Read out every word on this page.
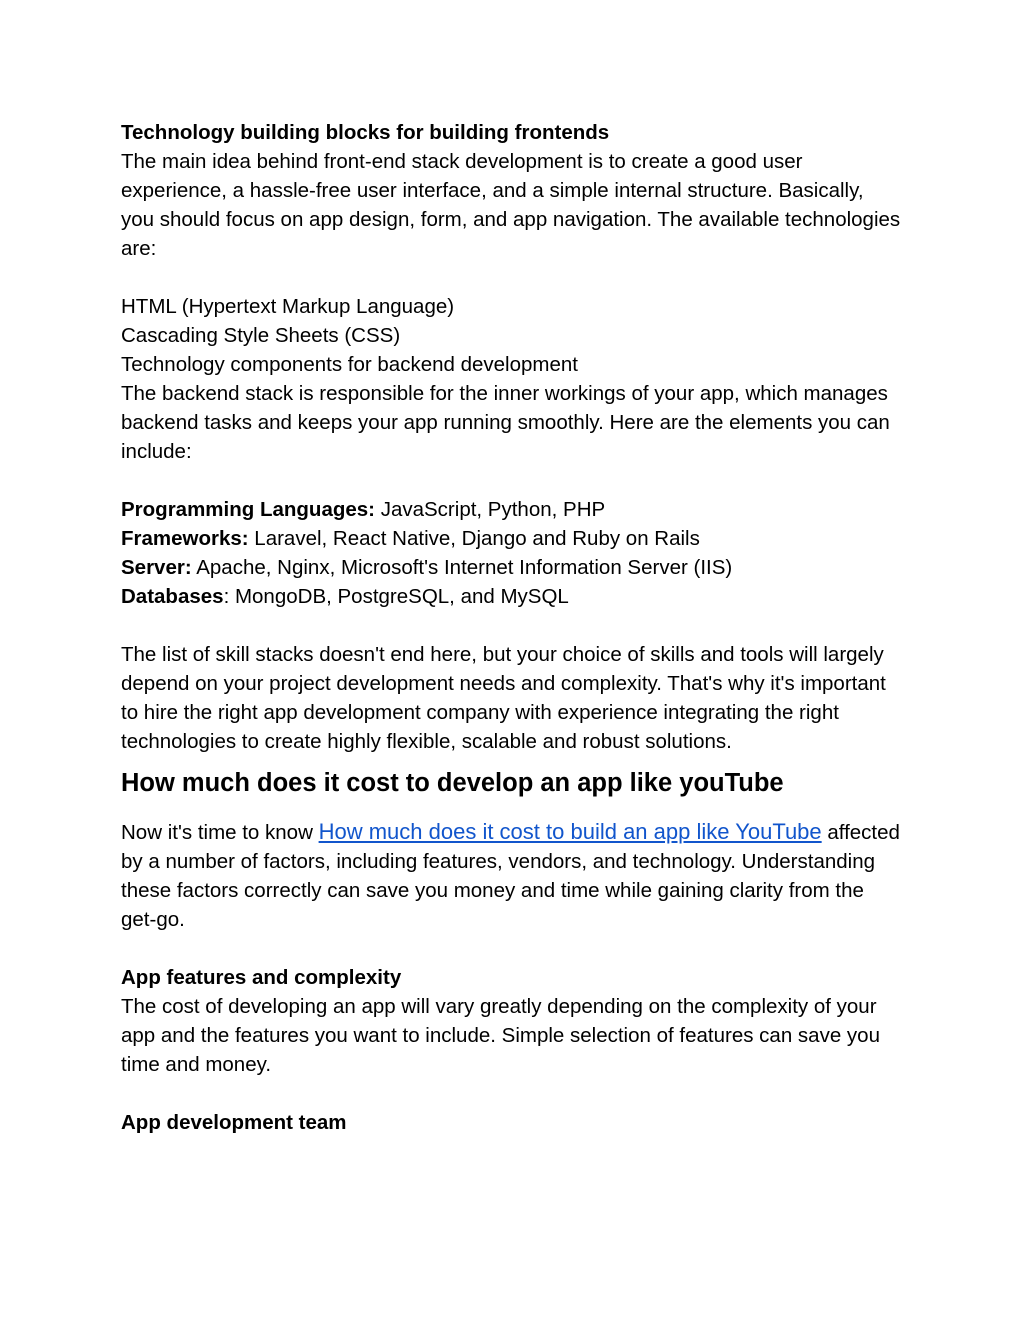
Technology building blocks for building frontends

The main idea behind front-end stack development is to create a good user experience, a hassle-free user interface, and a simple internal structure. Basically, you should focus on app design, form, and app navigation. The available technologies are:

HTML (Hypertext Markup Language)

Cascading Style Sheets (CSS)

Technology components for backend development

The backend stack is responsible for the inner workings of your app, which manages backend tasks and keeps your app running smoothly. Here are the elements you can include:

Programming Languages: JavaScript, Python, PHP

Frameworks: Laravel, React Native, Django and Ruby on Rails

Server: Apache, Nginx, Microsoft's Internet Information Server (IIS)

Databases: MongoDB, PostgreSQL, and MySQL

The list of skill stacks doesn't end here, but your choice of skills and tools will largely depend on your project development needs and complexity. That's why it's important to hire the right app development company with experience integrating the right technologies to create highly flexible, scalable and robust solutions.

How much does it cost to develop an app like youTube

Now it's time to know How much does it cost to build an app like YouTube affected by a number of factors, including features, vendors, and technology. Understanding these factors correctly can save you money and time while gaining clarity from the get-go.

App features and complexity

The cost of developing an app will vary greatly depending on the complexity of your app and the features you want to include. Simple selection of features can save you time and money.

App development team
